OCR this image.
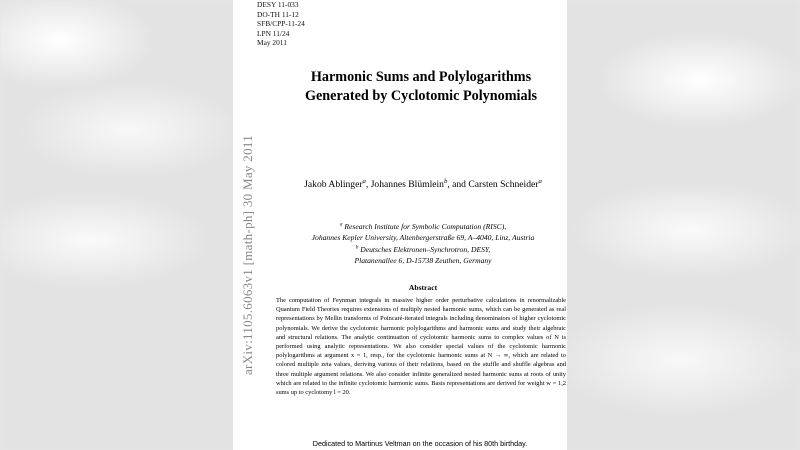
DESY 11-033
DO-TH 11-12
SFB/CPP-11-24
LPN 11/24
May 2011
arXiv:1105.6063v1 [math-ph] 30 May 2011
Harmonic Sums and Polylogarithms
Generated by Cyclotomic Polynomials
Jakob Ablinger$^a$, Johannes Blümlein$^b$, and Carsten Schneider$^a$
$^a$ Research Institute for Symbolic Computation (RISC),
Johannes Kepler University, Altenbergerstraße 69, A–4040, Linz, Austria
$^b$ Deutsches Elektronen–Synchrotron, DESY,
Platanenallee 6, D-15738 Zeuthen, Germany
Abstract
The computation of Feynman integrals in massive higher order perturbative calculations in renormalizable Quantum Field Theories requires extensions of multiply nested harmonic sums, which can be generated as real representations by Mellin transforms of Poincaré-iterated integrals including denominators of higher cyclotomic polynomials. We derive the cyclotomic harmonic polylogarithms and harmonic sums and study their algebraic and structural relations. The analytic continuation of cyclotomic harmonic sums to complex values of N is performed using analytic representations. We also consider special values of the cyclotomic harmonic polylogarithms at argument x = 1, resp., for the cyclotomic harmonic sums at N → ∞, which are related to colored multiple zeta values, deriving various of their relations, based on the stuffle and shuffle algebras and three multiple argument relations. We also consider infinite generalized nested harmonic sums at roots of unity which are related to the infinite cyclotomic harmonic sums. Basis representations are derived for weight w = 1,2 sums up to cyclotomy l = 20.
Dedicated to Martinus Veltman on the occasion of his 80th birthday.
